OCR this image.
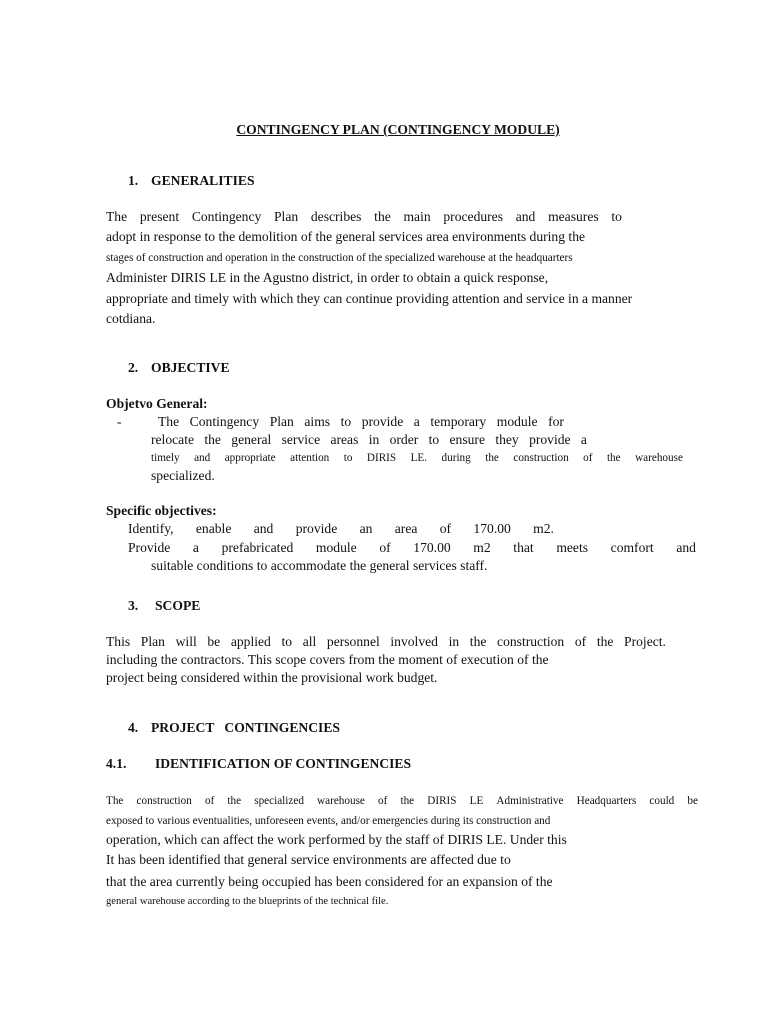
CONTINGENCY PLAN (CONTINGENCY MODULE)
1. GENERALITIES
The present Contingency Plan describes the main procedures and measures to
adopt in response to the demolition of the general services area environments during the
stages of construction and operation in the construction of the specialized warehouse at the headquarters
Administer DIRIS LE in the Agustno district, in order to obtain a quick response,
appropriate and timely with which they can continue providing attention and service in a manner
cotdiana.
2. OBJECTIVE
Objetvo General:
-	The Contingency Plan aims to provide a temporary module for
relocate the general service areas in order to ensure they provide a
timely and appropriate attention to DIRIS LE. during the construction of the warehouse
specialized.
Specific objectives:
Identify, enable and provide an area of 170.00 m2.
Provide a prefabricated module of 170.00 m2 that meets comfort and
suitable conditions to accommodate the general services staff.
3. SCOPE
This Plan will be applied to all personnel involved in the construction of the Project.
including the contractors. This scope covers from the moment of execution of the
project being considered within the provisional work budget.
4. PROJECT   CONTINGENCIES
4.1. IDENTIFICATION OF CONTINGENCIES
The construction of the specialized warehouse of the DIRIS LE Administrative Headquarters could be
exposed to various eventualities, unforeseen events, and/or emergencies during its construction and
operation, which can affect the work performed by the staff of DIRIS LE. Under this
It has been identified that general service environments are affected due to
that the area currently being occupied has been considered for an expansion of the
general warehouse according to the blueprints of the technical file.
